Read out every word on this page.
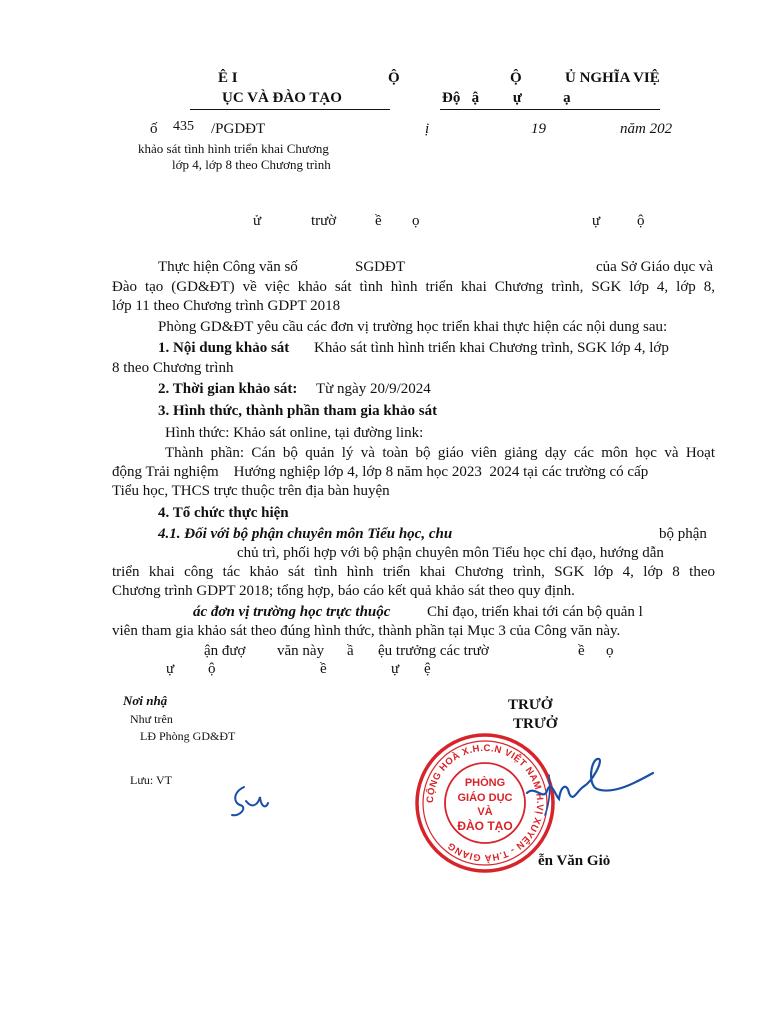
Ê I
ỤC VÀ ĐÀO TẠO
Ộ	Ộ	Ủ NGHĨA VIỆ
Độ   ậ         ự           ạ
ố 435 /PGDĐT	ị	19	năm 202
khảo sát tình hình triển khai Chương
lớp 4, lớp 8 theo Chương trình
ử	trườ	ề ọ	ự ộ
Thực hiện Công văn số	SGDĐT	của Sở Giáo dục và
Đào tạo (GD&ĐT) về việc khảo sát tình hình triển khai Chương trình, SGK lớp 4, lớp 8,
lớp 11 theo Chương trình GDPT 2018
Phòng GD&ĐT yêu cầu các đơn vị trường học triển khai thực hiện các nội dung sau:
1. Nội dung khảo sát Khảo sát tình hình triển khai Chương trình, SGK lớp 4, lớp
8 theo Chương trình
2. Thời gian khảo sát: Từ ngày 20/9/2024
3. Hình thức, thành phần tham gia khảo sát
Hình thức: Khảo sát online, tại đường link:
Thành phần: Cán bộ quản lý và toàn bộ giáo viên giảng dạy các môn học và Hoạt
động Trải nghiệm    Hướng nghiệp lớp 4, lớp 8 năm học 2023  2024 tại các trường có cấp
Tiểu học, THCS trực thuộc trên địa bàn huyện
4. Tổ chức thực hiện
4.1. Đối với bộ phận chuyên môn Tiểu học, chu	bộ phận
chủ trì, phối hợp với bộ phận chuyên môn Tiểu học chỉ đạo, hướng dẫn
triển khai công tác khảo sát tình hình triển khai Chương trình, SGK lớp 4, lớp 8 theo
Chương trình GDPT 2018; tổng hợp, báo cáo kết quả khảo sát theo quy định.
ác đơn vị trường học trực thuộc Chỉ đạo, triển khai tới cán bộ quản l
viên tham gia khảo sát theo đúng hình thức, thành phần tại Mục 3 của Công văn này.
ận đượ văn này ầ ệu trưởng các trườ	ề ọ
ự ộ	ề	ự ệ
Nơi nhậ
Như trên
LĐ Phòng GD&ĐT
Lưu: VT
TRƯỞ
TRƯỞ
CỘNG HOÀ X.H.C.N VIỆT NAM H.VỊ XUYÊN - T.HÀ GIANG
PHÒNG
GIÁO DỤC
VÀ
ĐÀO TẠO
ễn Văn Giỏ
